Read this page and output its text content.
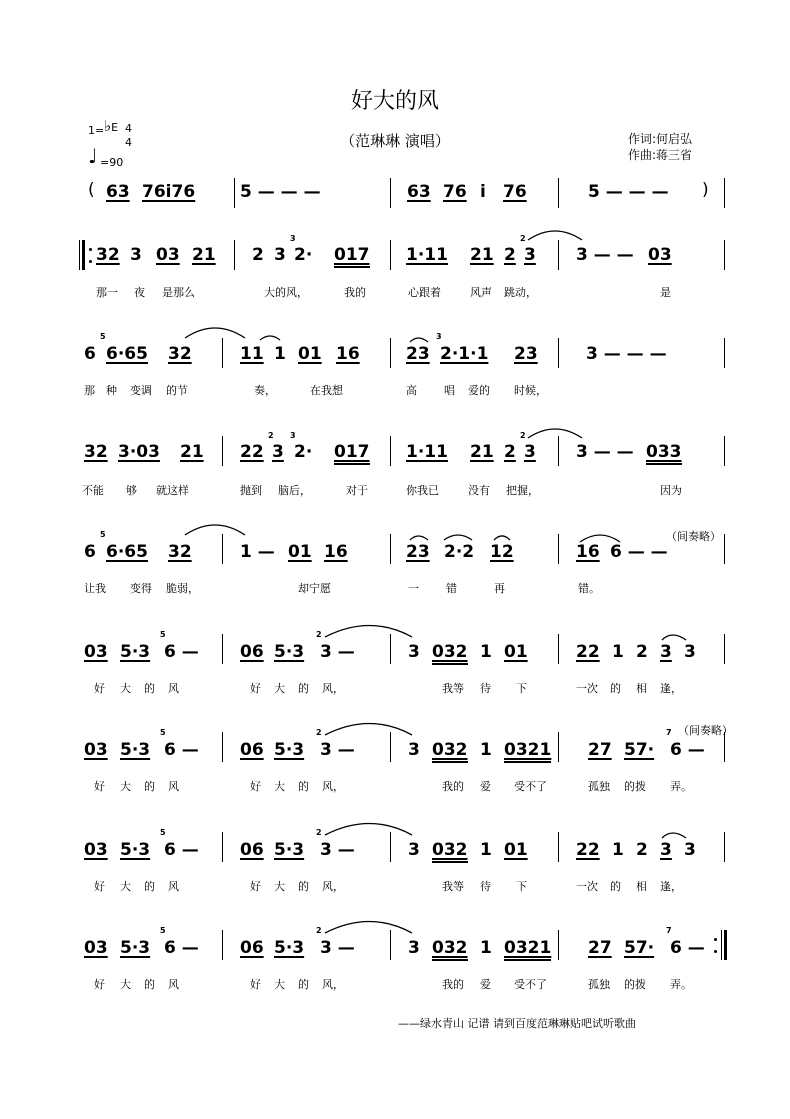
好大的风
（范琳琳 演唱）	作词:何启弘
作曲:蒋三省
1= ♭E 4
4
♩ =90
( 63 76i76	5 — — —	63 76 i 76	5 — — — )
32 3 03 21 2 3
3
2· 017 1·11 21 2
2
3 3 — — 03
那一 夜 是那么	大的风，	我的	心跟着	风声 跳动，	是
5
6 6·65 32	11 1 01 16	23
3
2·1·1 23	3 — — —
那 种 变调 的节	奏，	在我想	高 唱 爱的 时候，
32 3·03 21 22
2
3
3
2· 017 1·11 21 2
2
3 3 — — 033
不能 够 就这样	抛到 脑后，	对于	你我已	没有 把握，	因为
5
6 6·65 32	1 — 01 16	23 2·2 12	16 6 — —
（间奏略）
让我 变得 脆弱，	却宁愿	一 错	再	错。
03 5·3
5
6 — 06 5·3
2
3 —	3 032 1 01	22 1 2 3 3
好 大 的 风	好 大 的 风，	我等 待 下	一次 的 相 逢，
03 5·3
5
6 — 06 5·3
2
3 —	3 032 1 0321 27 57·
7
6 —
（间奏略）
好 大 的 风	好 大 的 风，	我的 爱 受不了	孤独 的拨 弄。
03 5·3
5
6 — 06 5·3
2
3 —	3 032 1 01	22 1 2 3 3
好 大 的 风	好 大 的 风，	我等 待 下	一次 的 相 逢，
03 5·3
5
6 — 06 5·3
2
3 —	3 032 1 0321 27 57·
7
6 —
好 大 的 风	好 大 的 风，	我的 爱 受不了	孤独 的拨 弄。
——绿水青山 记谱 请到百度范琳琳贴吧试听歌曲
